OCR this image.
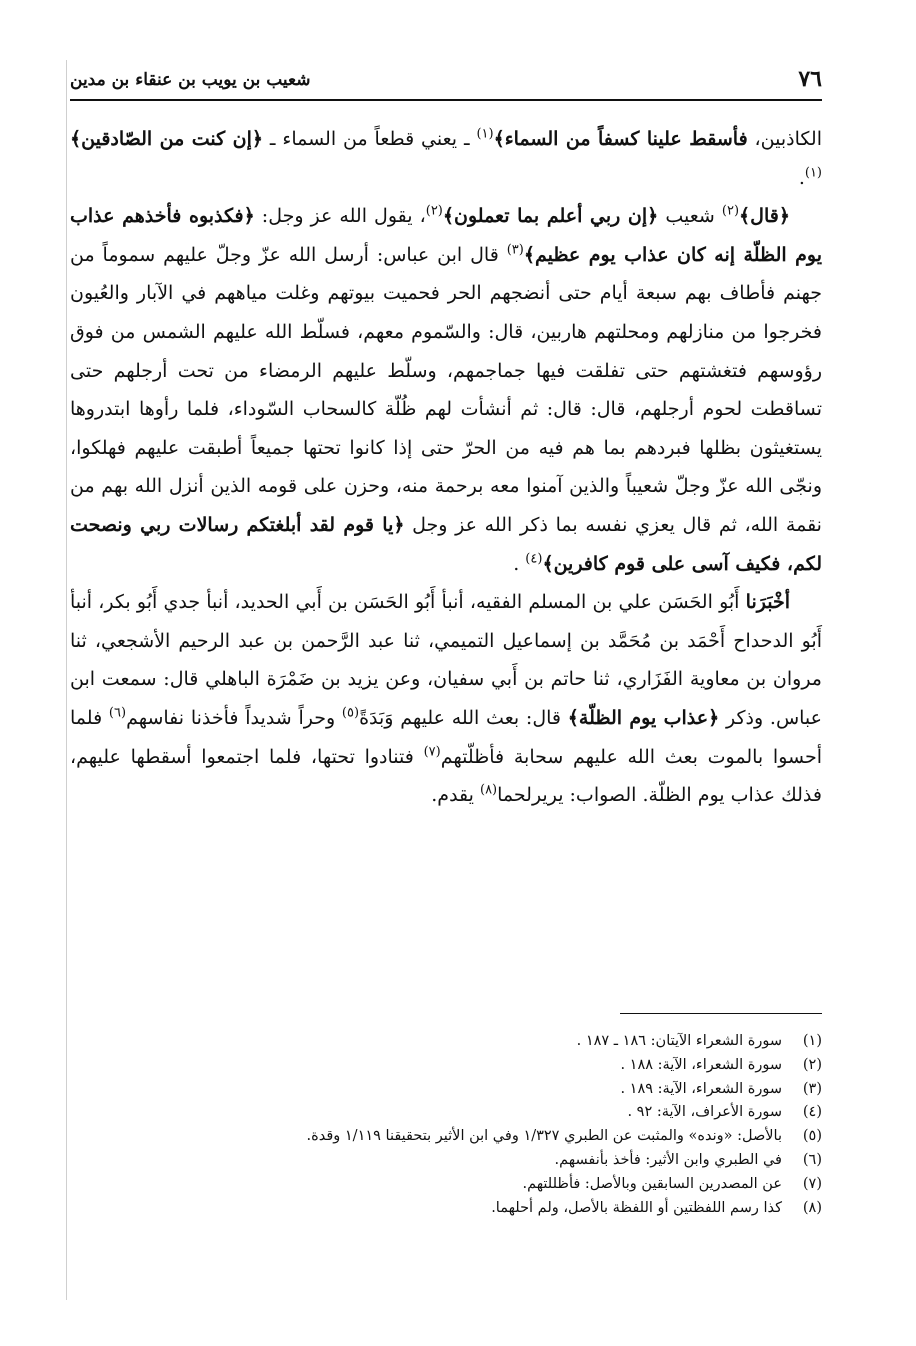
٧٦
شعيب بن يويب بن عنقاء بن مدين

الكاذبين، فأسقط علينا كسفاً من السماء﴾$^{(١)}$ ـ يعني قطعاً من السماء ـ ﴿إن كنت من الصّادقين﴾$^{(١)}$.

﴿قال﴾$^{(٢)}$ شعيب ﴿إن ربي أعلم بما تعملون﴾$^{(٢)}$، يقول الله عز وجل: ﴿فكذبوه فأخذهم عذاب يوم الظلّة إنه كان عذاب يوم عظيم﴾$^{(٣)}$ قال ابن عباس: أرسل الله عزّ وجلّ عليهم سموماً من جهنم فأطاف بهم سبعة أيام حتى أنضجهم الحر فحميت بيوتهم وغلت مياههم في الآبار والعُيون فخرجوا من منازلهم ومحلتهم هاربين، قال: والسّموم معهم، فسلّط الله عليهم الشمس من فوق رؤوسهم فتغشتهم حتى تفلقت فيها جماجمهم، وسلّط عليهم الرمضاء من تحت أرجلهم حتى تساقطت لحوم أرجلهم، قال: قال: ثم أنشأت لهم ظُلّة كالسحاب السّوداء، فلما رأوها ابتدروها يستغيثون بظلها فبردهم بما هم فيه من الحرّ حتى إذا كانوا تحتها جميعاً أطبقت عليهم فهلكوا، ونجّى الله عزّ وجلّ شعيباً والذين آمنوا معه برحمة منه، وحزن على قومه الذين أنزل الله بهم من نقمة الله، ثم قال يعزي نفسه بما ذكر الله عز وجل ﴿يا قوم لقد أبلغتكم رسالات ربي ونصحت لكم، فكيف آسى على قوم كافرين﴾$^{(٤)}$ .

أخْبَرَنا أَبُو الحَسَن علي بن المسلم الفقيه، أنبأ أَبُو الحَسَن بن أَبي الحديد، أنبأ جدي أَبُو بكر، أنبأ أَبُو الدحداح أَحْمَد بن مُحَمَّد بن إسماعيل التميمي، ثنا عبد الرَّحمن بن عبد الرحيم الأشجعي، ثنا مروان بن معاوية الفَزَاري، ثنا حاتم بن أَبي سفيان، وعن يزيد بن ضَمْرَة الباهلي قال: سمعت ابن عباس. وذكر ﴿عذاب يوم الظلّة﴾ قال: بعث الله عليهم وَبَدَةً$^{(٥)}$ وحراً شديداً فأخذنا نفاسهم$^{(٦)}$ فلما أحسوا بالموت بعث الله عليهم سحابة فأظلّتهم$^{(٧)}$ فتنادوا تحتها، فلما اجتمعوا أسقطها عليهم، فذلك عذاب يوم الظلّة. الصواب: يريرلحما$^{(٨)}$ يقدم.

(١)
سورة الشعراء الآيتان: ١٨٦ ـ ١٨٧ .
(٢)
سورة الشعراء، الآية: ١٨٨ .
(٣)
سورة الشعراء، الآية: ١٨٩ .
(٤)
سورة الأعراف، الآية: ٩٢ .
(٥)
بالأصل: «ونده» والمثبت عن الطبري ١/٣٢٧ وفي ابن الأثير بتحقيقنا ١/١١٩ وقدة.
(٦)
في الطبري وابن الأثير: فأخذ بأنفسهم.
(٧)
عن المصدرين السابقين وبالأصل: فأظللتهم.
(٨)
كذا رسم اللفظتين أو اللفظة بالأصل، ولم أحلهما.
